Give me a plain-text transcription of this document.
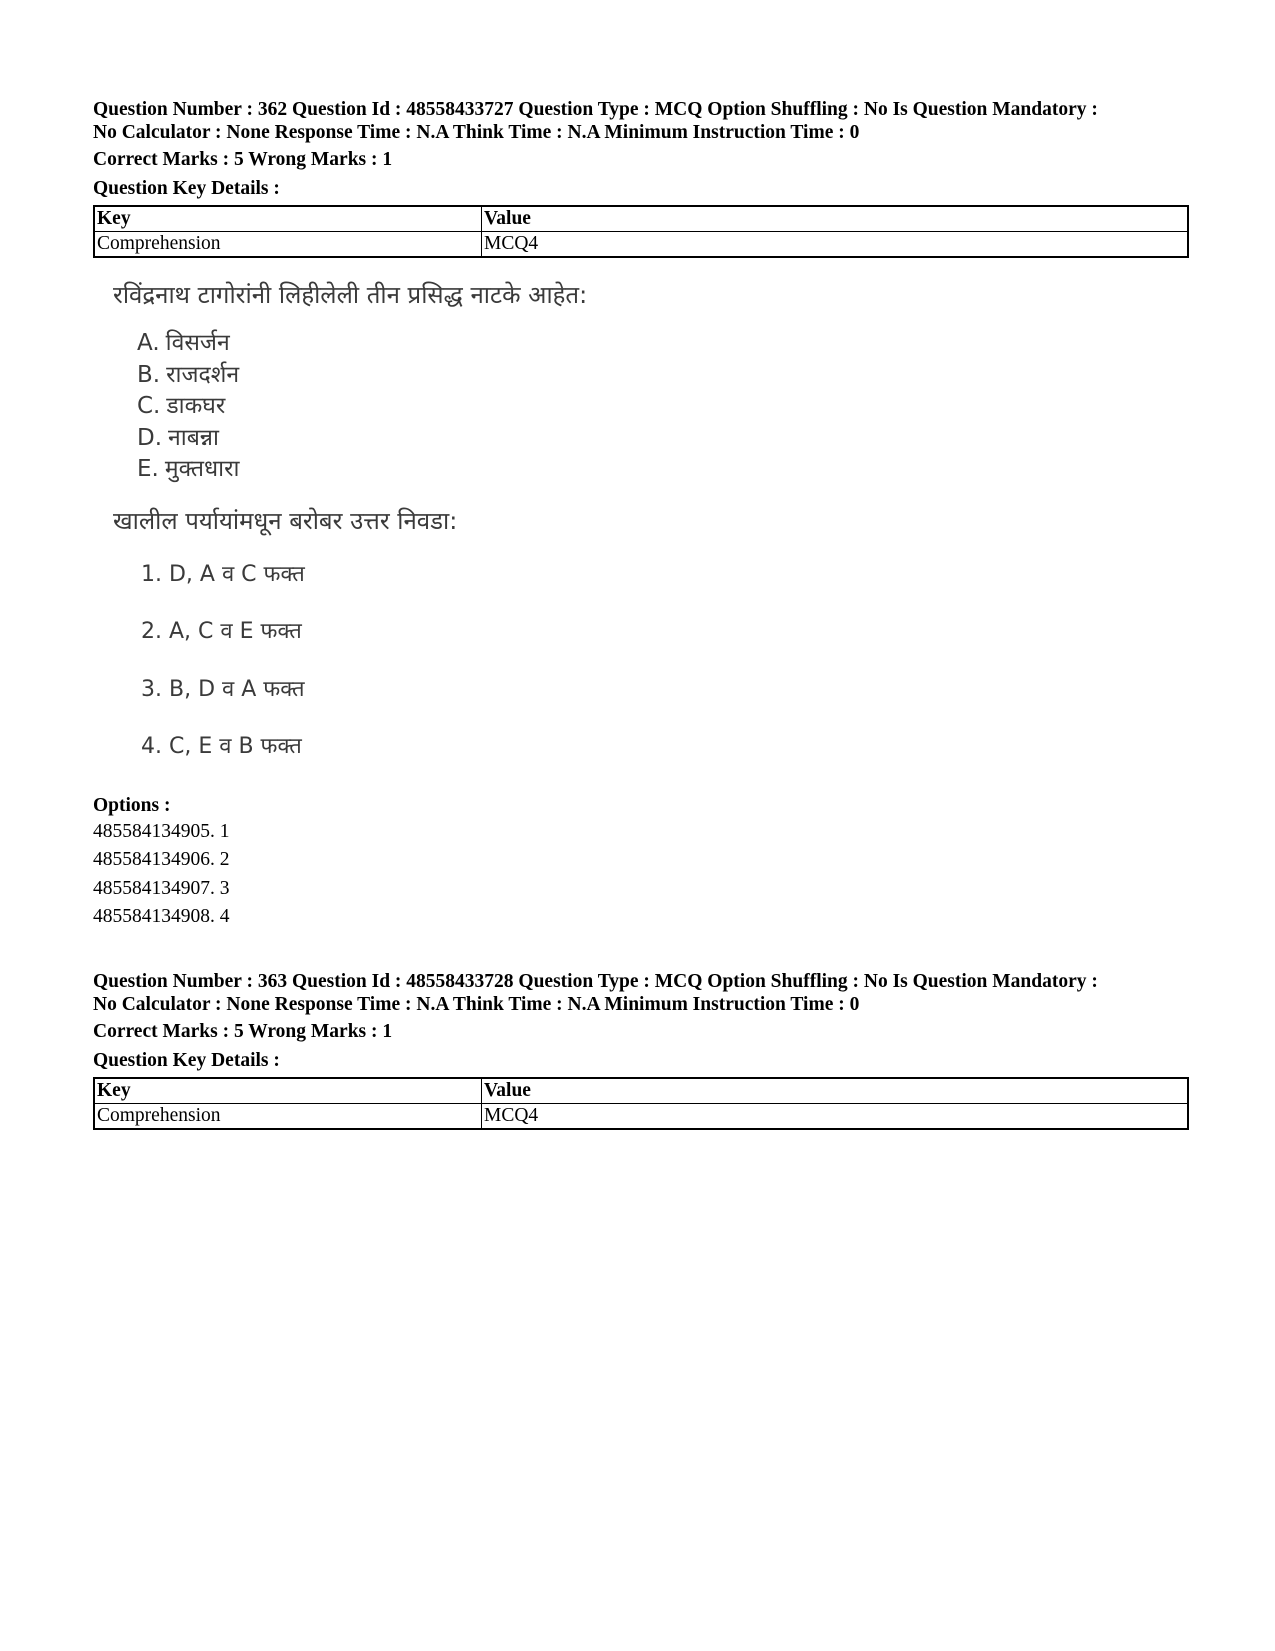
Question Number : 362 Question Id : 48558433727 Question Type : MCQ Option Shuffling : No Is Question Mandatory :
No Calculator : None Response Time : N.A Think Time : N.A Minimum Instruction Time : 0
Correct Marks : 5 Wrong Marks : 1
Question Key Details :
Key	Value
Comprehension	MCQ4
रविंद्रनाथ टागोरांनी लिहीलेली तीन प्रसिद्ध नाटके आहेत:
A. विसर्जन
B. राजदर्शन
C. डाकघर
D. नाबन्ना
E. मुक्तधारा
खालील पर्यायांमधून बरोबर उत्तर निवडा:
1. D, A व C फक्त
2. A, C व E फक्त
3. B, D व A फक्त
4. C, E व B फक्त
Options :
485584134905. 1
485584134906. 2
485584134907. 3
485584134908. 4
Question Number : 363 Question Id : 48558433728 Question Type : MCQ Option Shuffling : No Is Question Mandatory :
No Calculator : None Response Time : N.A Think Time : N.A Minimum Instruction Time : 0
Correct Marks : 5 Wrong Marks : 1
Question Key Details :
Key	Value
Comprehension	MCQ4
